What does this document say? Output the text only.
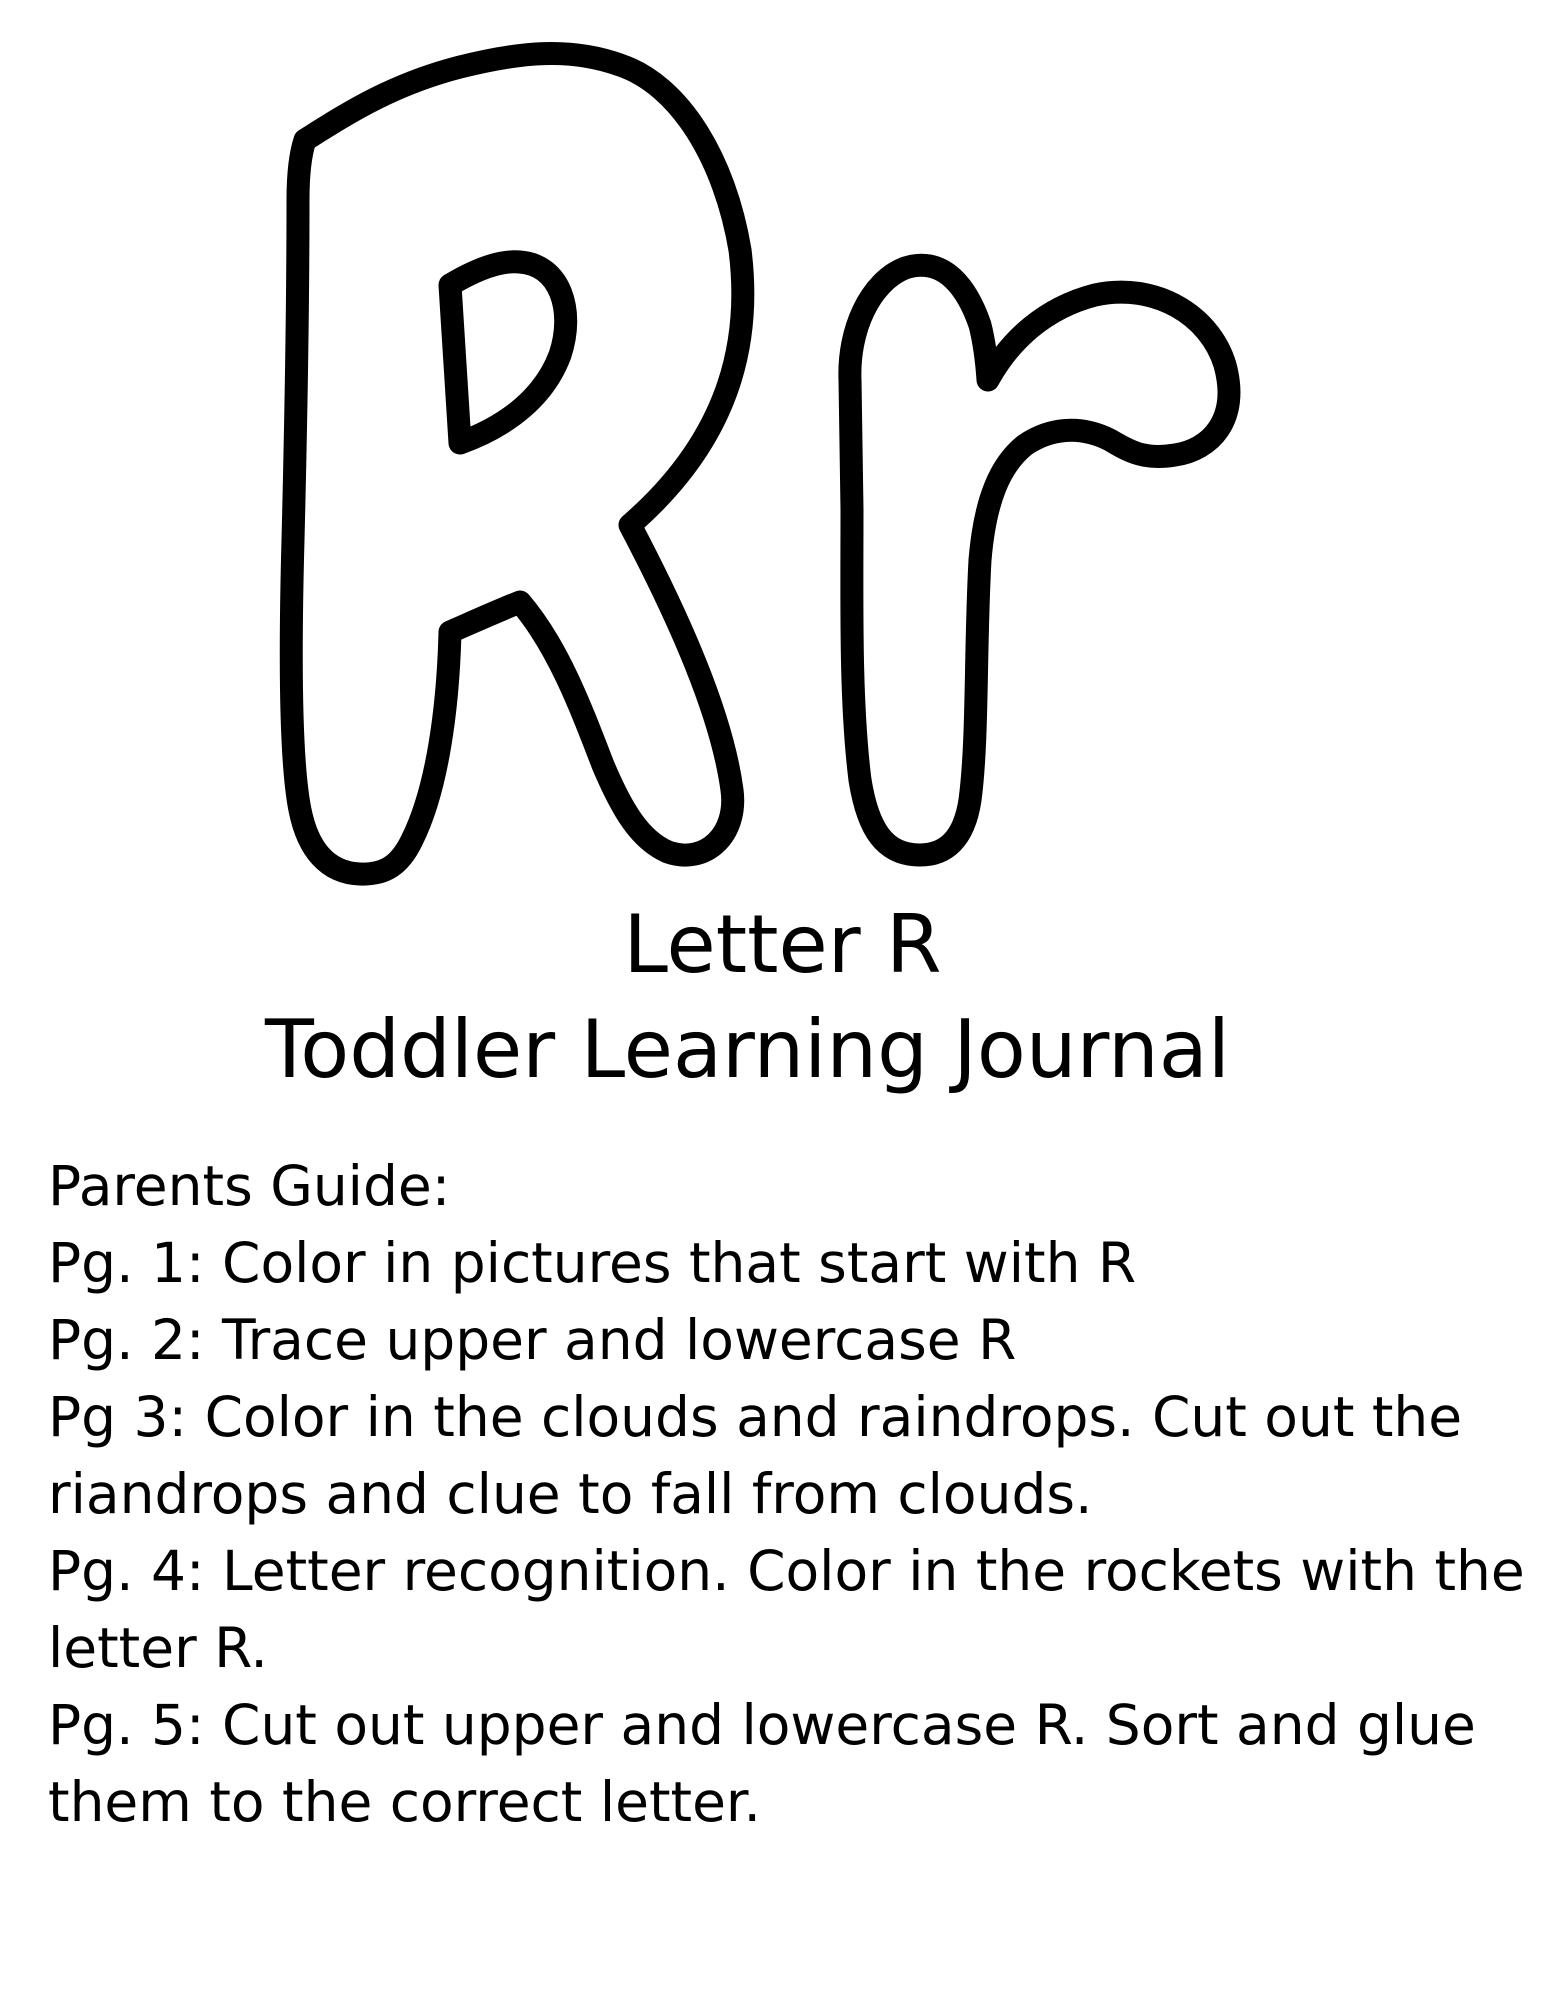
Letter R
Toddler Learning Journal

Parents Guide:

Pg. 1: Color in pictures that start with R

Pg. 2: Trace upper and lowercase R

Pg 3: Color in the clouds and raindrops. Cut out the

riandrops and clue to fall from clouds.

Pg. 4: Letter recognition. Color in the rockets with the

letter R.

Pg. 5: Cut out upper and lowercase R. Sort and glue

them to the correct letter.
